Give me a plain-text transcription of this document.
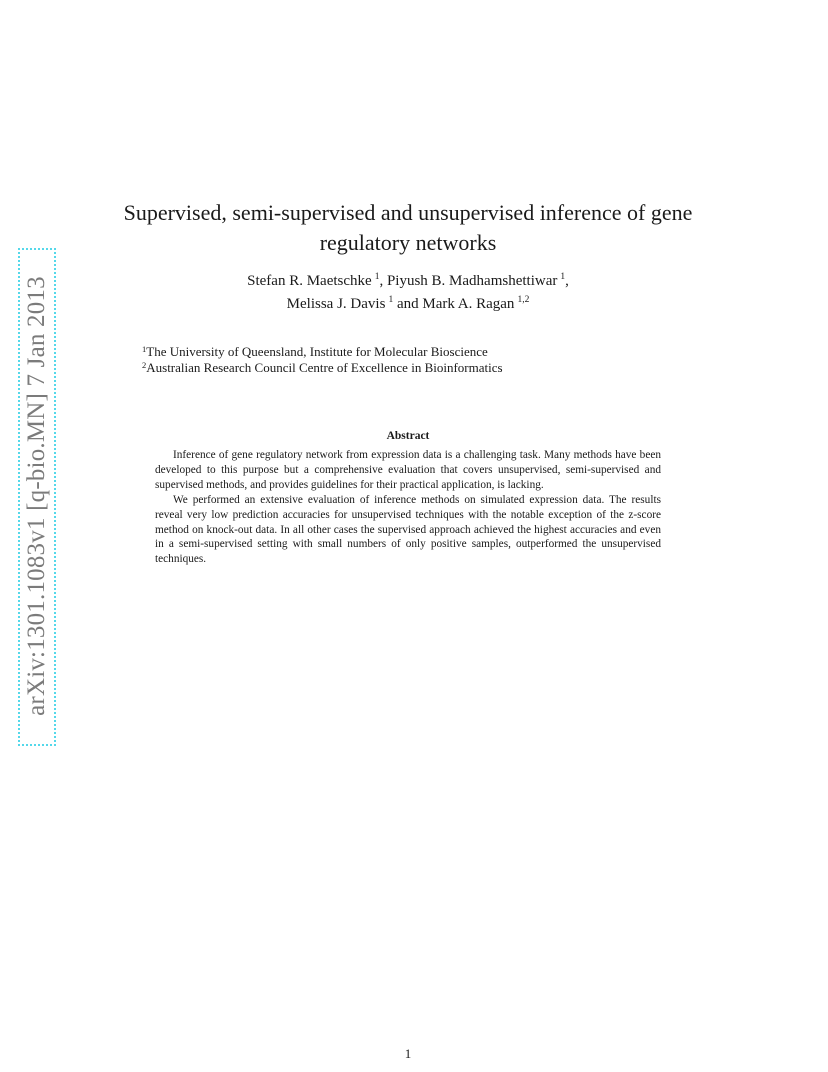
arXiv:1301.1083v1 [q-bio.MN] 7 Jan 2013
Supervised, semi-supervised and unsupervised inference of gene regulatory networks
Stefan R. Maetschke  $^1$, Piyush B. Madhamshettiwar  $^1$,
Melissa J. Davis  $^1$ and Mark A. Ragan  $^{1,2}$
$^1$The University of Queensland, Institute for Molecular Bioscience
$^2$Australian Research Council Centre of Excellence in Bioinformatics
Abstract

Inference of gene regulatory network from expression data is a challenging task. Many methods have been developed to this purpose but a comprehensive evaluation that covers unsupervised, semi-supervised and supervised methods, and provides guidelines for their practical application, is lacking.

We performed an extensive evaluation of inference methods on simulated expression data. The results reveal very low prediction accuracies for unsupervised techniques with the notable exception of the z-score method on knock-out data. In all other cases the supervised approach achieved the highest accuracies and even in a semi-supervised setting with small numbers of only positive samples, outperformed the unsupervised techniques.

1
